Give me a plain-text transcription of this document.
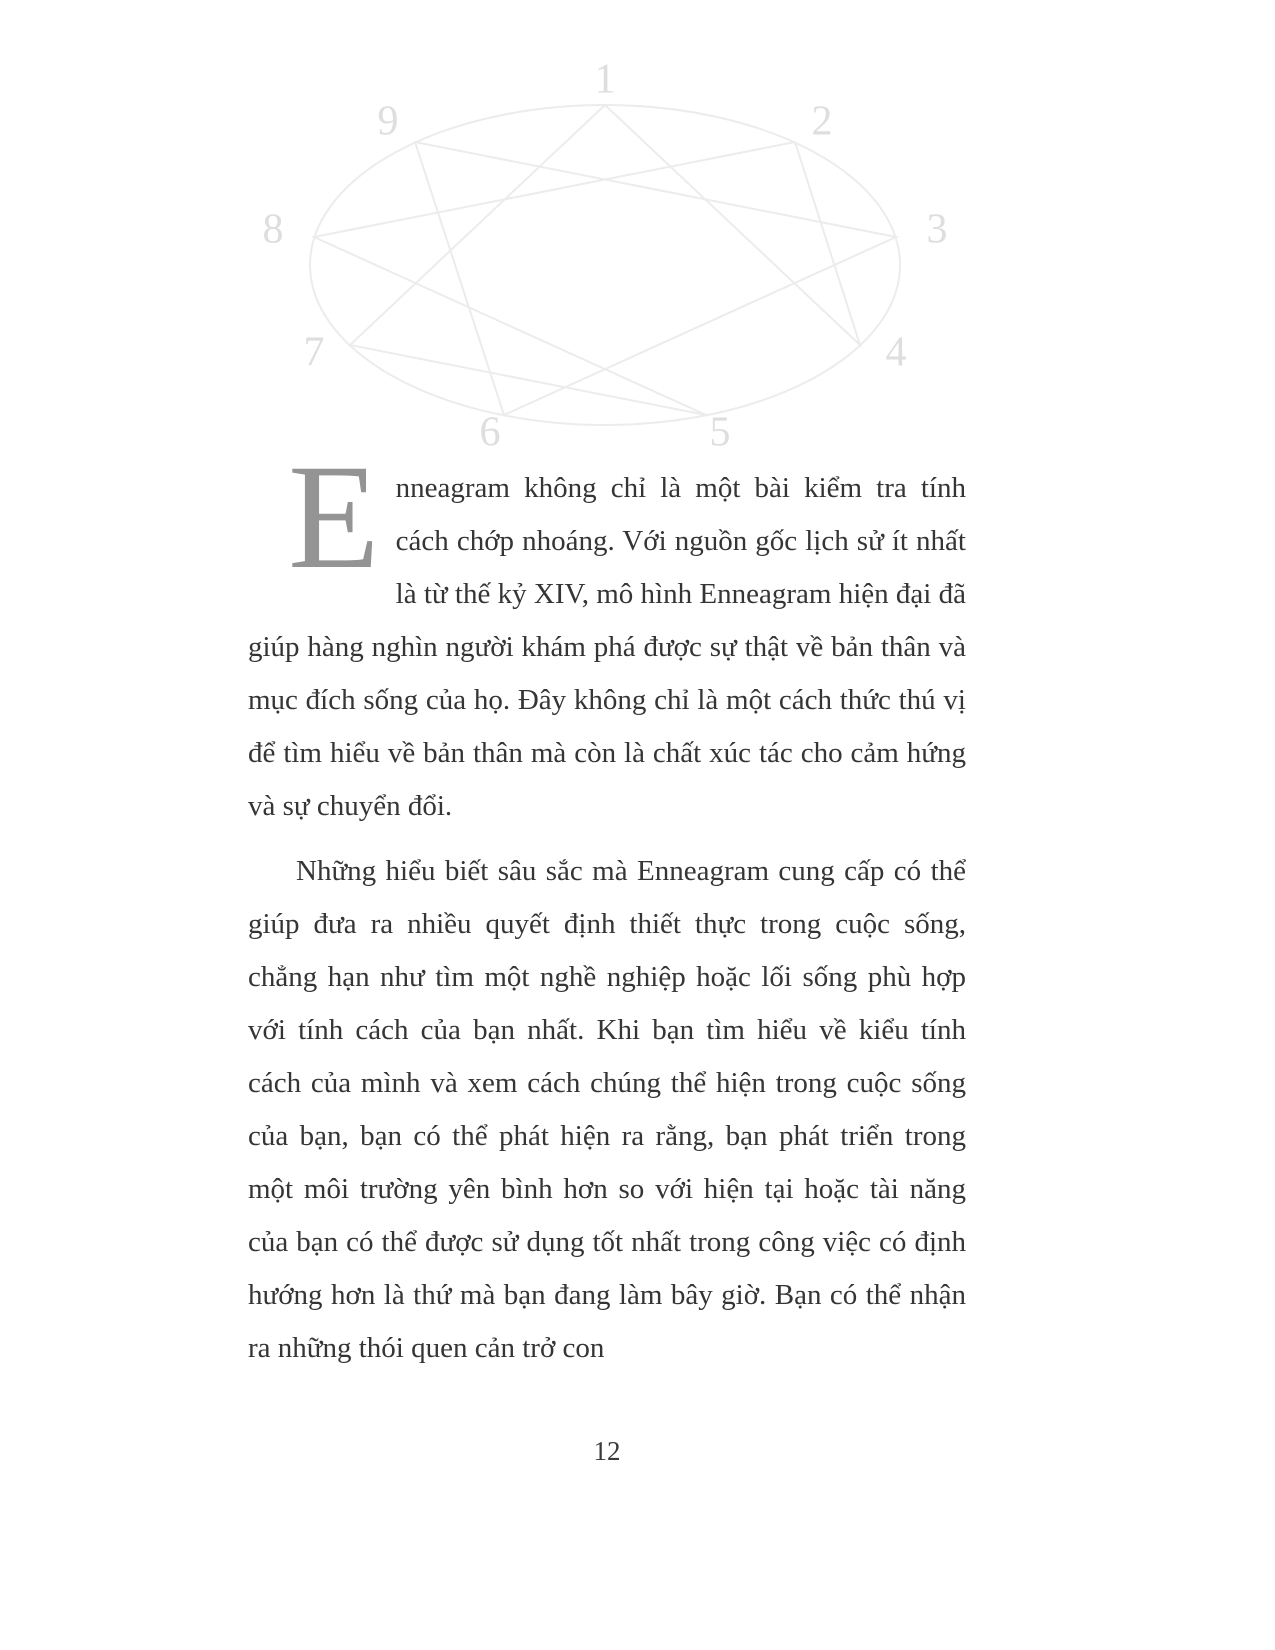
1
2
3
4
5
6
7
8
9

Enneagram không chỉ là một bài kiểm tra tính cách chớp nhoáng. Với nguồn gốc lịch sử ít nhất là từ thế kỷ XIV, mô hình Enneagram hiện đại đã giúp hàng nghìn người khám phá được sự thật về bản thân và mục đích sống của họ. Đây không chỉ là một cách thức thú vị để tìm hiểu về bản thân mà còn là chất xúc tác cho cảm hứng và sự chuyển đổi.

Những hiểu biết sâu sắc mà Enneagram cung cấp có thể giúp đưa ra nhiều quyết định thiết thực trong cuộc sống, chẳng hạn như tìm một nghề nghiệp hoặc lối sống phù hợp với tính cách của bạn nhất. Khi bạn tìm hiểu về kiểu tính cách của mình và xem cách chúng thể hiện trong cuộc sống của bạn, bạn có thể phát hiện ra rằng, bạn phát triển trong một môi trường yên bình hơn so với hiện tại hoặc tài năng của bạn có thể được sử dụng tốt nhất trong công việc có định hướng hơn là thứ mà bạn đang làm bây giờ. Bạn có thể nhận ra những thói quen cản trở con

12
